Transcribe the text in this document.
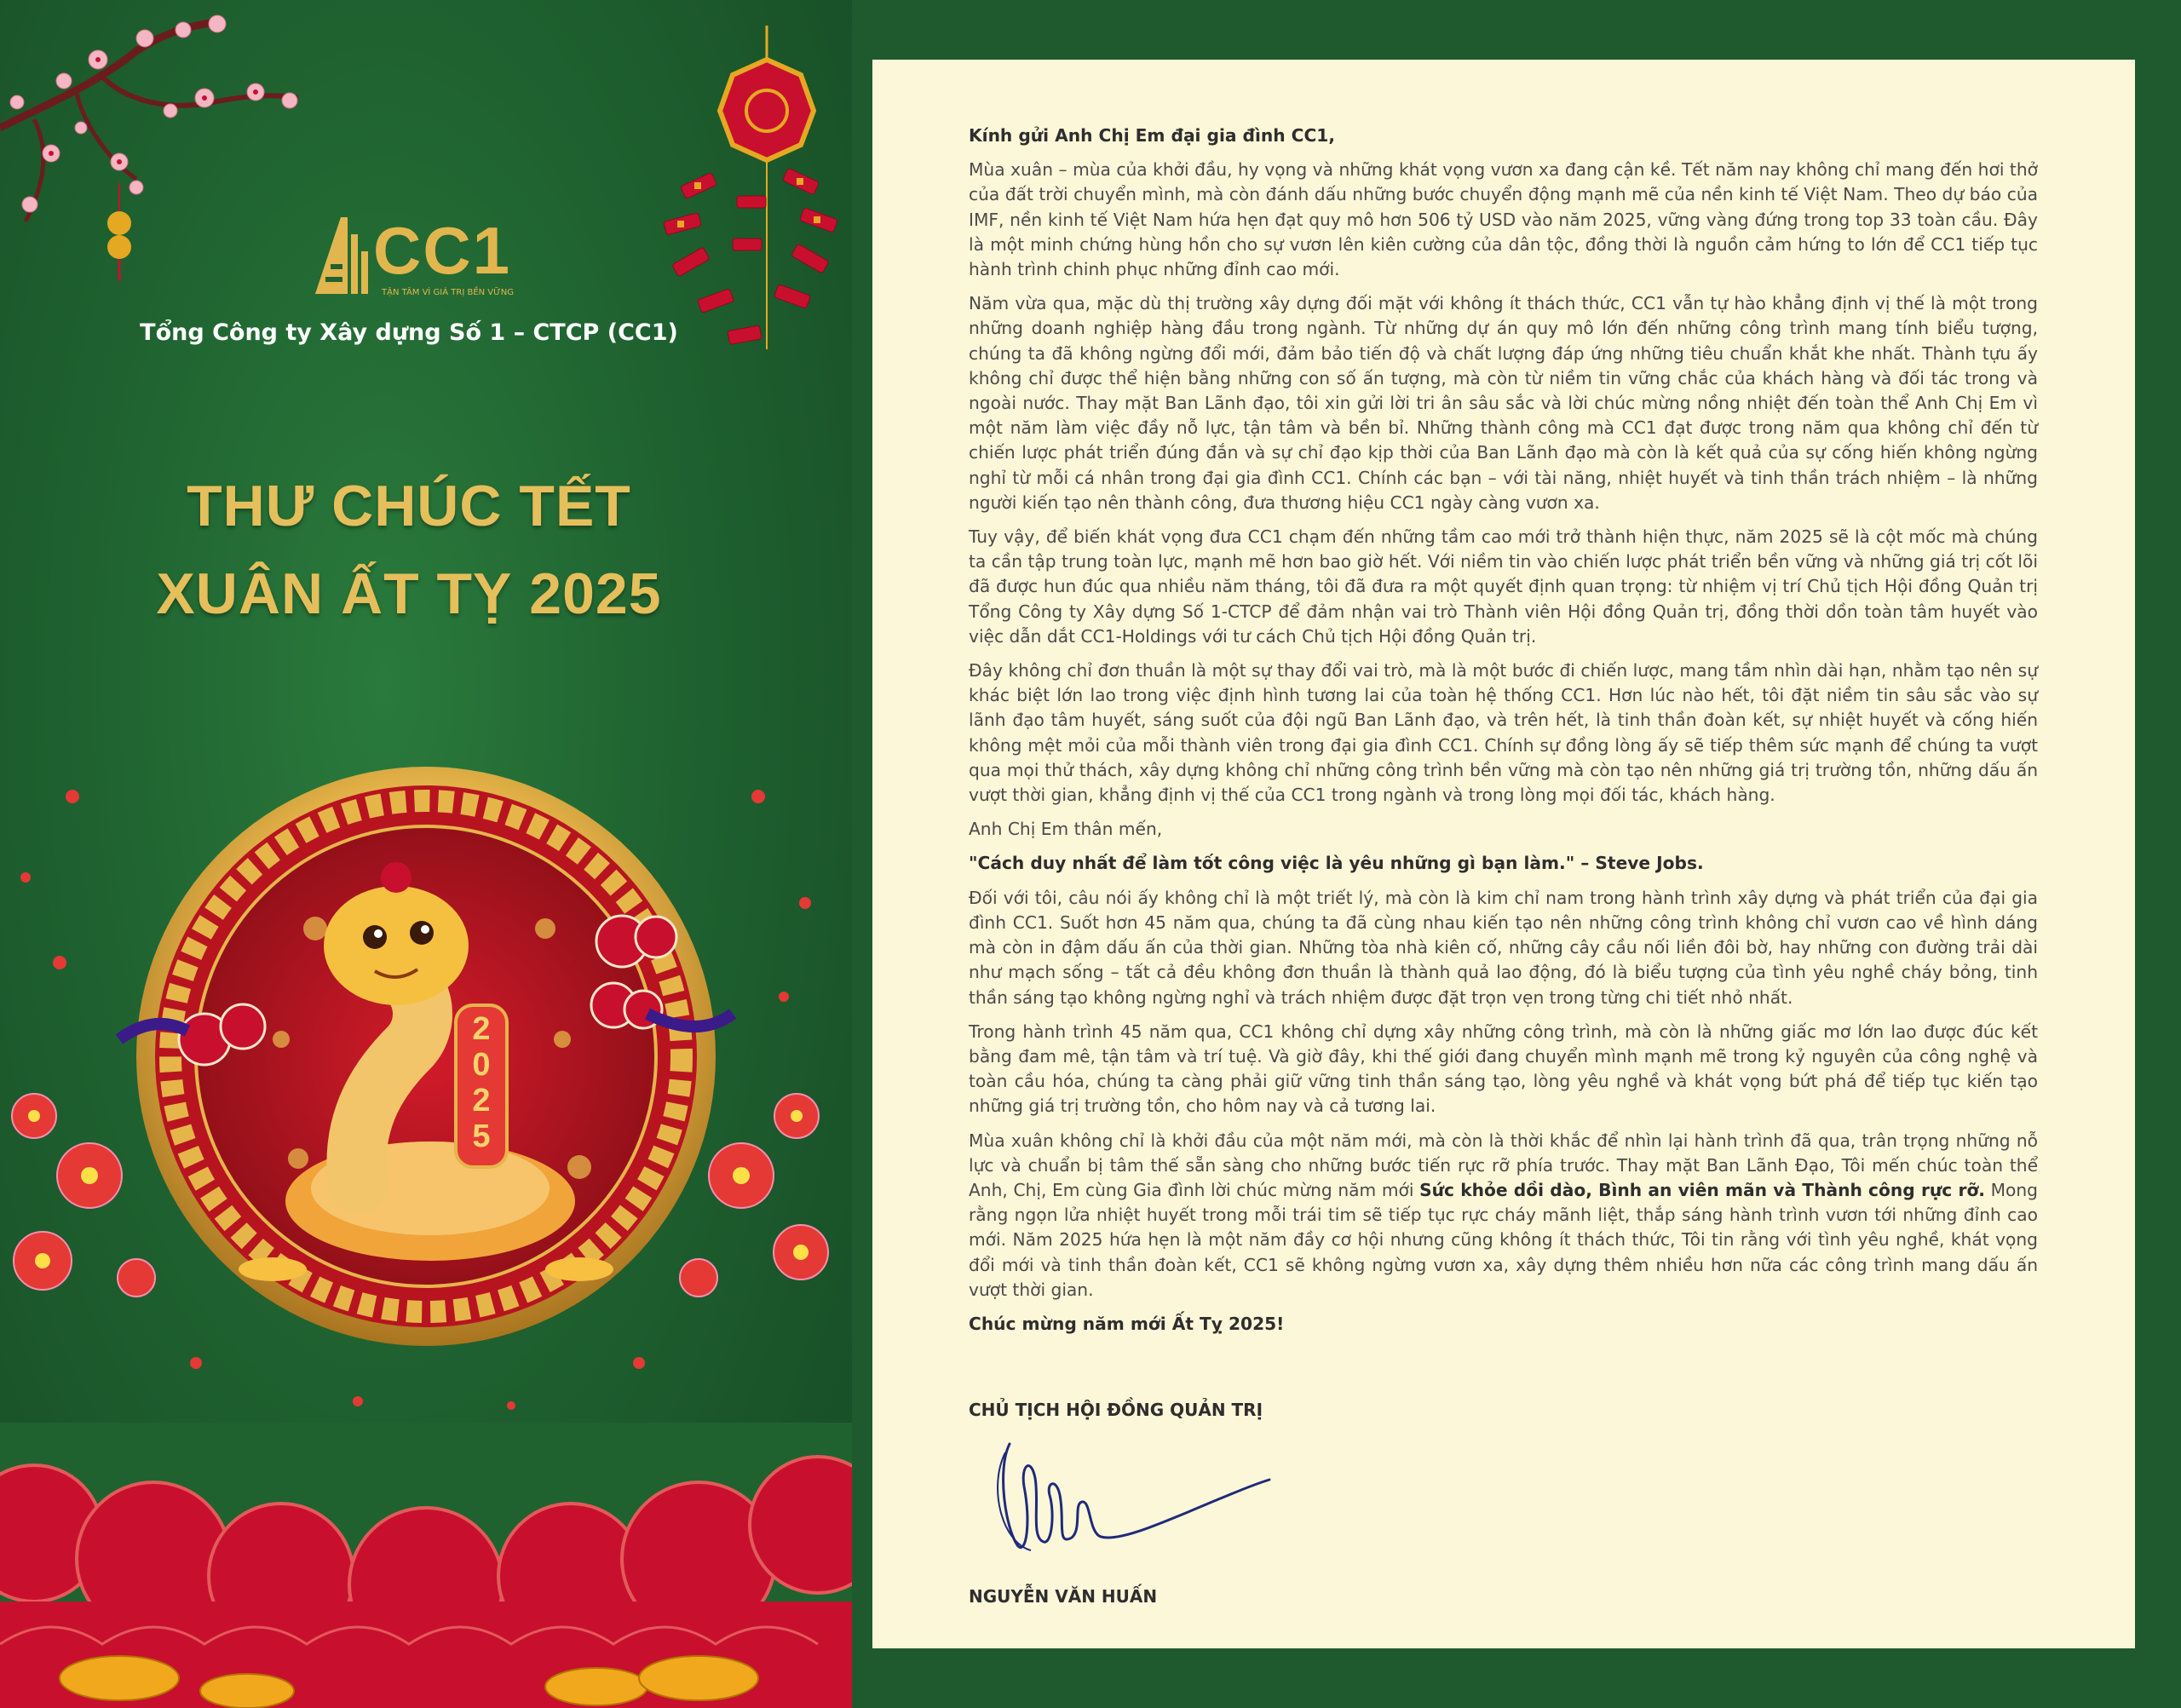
CC1
TẬN TÂM VÌ GIÁ TRỊ BỀN VỮNG
Tổng Công ty Xây dựng Số 1 – CTCP (CC1)
THƯ CHÚC TẾT
XUÂN ẤT TỴ 2025
2
0
2
5

Kính gửi Anh Chị Em đại gia đình CC1,

Mùa xuân – mùa của khởi đầu, hy vọng và những khát vọng vươn xa đang cận kề. Tết năm nay không chỉ mang đến hơi thở của đất trời chuyển mình, mà còn đánh dấu những bước chuyển động mạnh mẽ của nền kinh tế Việt Nam. Theo dự báo của IMF, nền kinh tế Việt Nam hứa hẹn đạt quy mô hơn 506 tỷ USD vào năm 2025, vững vàng đứng trong top 33 toàn cầu. Đây là một minh chứng hùng hồn cho sự vươn lên kiên cường của dân tộc, đồng thời là nguồn cảm hứng to lớn để CC1 tiếp tục hành trình chinh phục những đỉnh cao mới.

Năm vừa qua, mặc dù thị trường xây dựng đối mặt với không ít thách thức, CC1 vẫn tự hào khẳng định vị thế là một trong những doanh nghiệp hàng đầu trong ngành. Từ những dự án quy mô lớn đến những công trình mang tính biểu tượng, chúng ta đã không ngừng đổi mới, đảm bảo tiến độ và chất lượng đáp ứng những tiêu chuẩn khắt khe nhất. Thành tựu ấy không chỉ được thể hiện bằng những con số ấn tượng, mà còn từ niềm tin vững chắc của khách hàng và đối tác trong và ngoài nước. Thay mặt Ban Lãnh đạo, tôi xin gửi lời tri ân sâu sắc và lời chúc mừng nồng nhiệt đến toàn thể Anh Chị Em vì một năm làm việc đầy nỗ lực, tận tâm và bền bỉ. Những thành công mà CC1 đạt được trong năm qua không chỉ đến từ chiến lược phát triển đúng đắn và sự chỉ đạo kịp thời của Ban Lãnh đạo mà còn là kết quả của sự cống hiến không ngừng nghỉ từ mỗi cá nhân trong đại gia đình CC1. Chính các bạn – với tài năng, nhiệt huyết và tinh thần trách nhiệm – là những người kiến tạo nên thành công, đưa thương hiệu CC1 ngày càng vươn xa.

Tuy vậy, để biến khát vọng đưa CC1 chạm đến những tầm cao mới trở thành hiện thực, năm 2025 sẽ là cột mốc mà chúng ta cần tập trung toàn lực, mạnh mẽ hơn bao giờ hết. Với niềm tin vào chiến lược phát triển bền vững và những giá trị cốt lõi đã được hun đúc qua nhiều năm tháng, tôi đã đưa ra một quyết định quan trọng: từ nhiệm vị trí Chủ tịch Hội đồng Quản trị Tổng Công ty Xây dựng Số 1-CTCP để đảm nhận vai trò Thành viên Hội đồng Quản trị, đồng thời dồn toàn tâm huyết vào việc dẫn dắt CC1-Holdings với tư cách Chủ tịch Hội đồng Quản trị.

Đây không chỉ đơn thuần là một sự thay đổi vai trò, mà là một bước đi chiến lược, mang tầm nhìn dài hạn, nhằm tạo nên sự khác biệt lớn lao trong việc định hình tương lai của toàn hệ thống CC1. Hơn lúc nào hết, tôi đặt niềm tin sâu sắc vào sự lãnh đạo tâm huyết, sáng suốt của đội ngũ Ban Lãnh đạo, và trên hết, là tinh thần đoàn kết, sự nhiệt huyết và cống hiến không mệt mỏi của mỗi thành viên trong đại gia đình CC1. Chính sự đồng lòng ấy sẽ tiếp thêm sức mạnh để chúng ta vượt qua mọi thử thách, xây dựng không chỉ những công trình bền vững mà còn tạo nên những giá trị trường tồn, những dấu ấn vượt thời gian, khẳng định vị thế của CC1 trong ngành và trong lòng mọi đối tác, khách hàng.

Anh Chị Em thân mến,

"Cách duy nhất để làm tốt công việc là yêu những gì bạn làm." – Steve Jobs.

Đối với tôi, câu nói ấy không chỉ là một triết lý, mà còn là kim chỉ nam trong hành trình xây dựng và phát triển của đại gia đình CC1. Suốt hơn 45 năm qua, chúng ta đã cùng nhau kiến tạo nên những công trình không chỉ vươn cao về hình dáng mà còn in đậm dấu ấn của thời gian. Những tòa nhà kiên cố, những cây cầu nối liền đôi bờ, hay những con đường trải dài như mạch sống – tất cả đều không đơn thuần là thành quả lao động, đó là biểu tượng của tình yêu nghề cháy bỏng, tinh thần sáng tạo không ngừng nghỉ và trách nhiệm được đặt trọn vẹn trong từng chi tiết nhỏ nhất.

Trong hành trình 45 năm qua, CC1 không chỉ dựng xây những công trình, mà còn là những giấc mơ lớn lao được đúc kết bằng đam mê, tận tâm và trí tuệ. Và giờ đây, khi thế giới đang chuyển mình mạnh mẽ trong kỷ nguyên của công nghệ và toàn cầu hóa, chúng ta càng phải giữ vững tinh thần sáng tạo, lòng yêu nghề và khát vọng bứt phá để tiếp tục kiến tạo những giá trị trường tồn, cho hôm nay và cả tương lai.

Mùa xuân không chỉ là khởi đầu của một năm mới, mà còn là thời khắc để nhìn lại hành trình đã qua, trân trọng những nỗ lực và chuẩn bị tâm thế sẵn sàng cho những bước tiến rực rỡ phía trước. Thay mặt Ban Lãnh Đạo, Tôi mến chúc toàn thể Anh, Chị, Em cùng Gia đình lời chúc mừng năm mới Sức khỏe dồi dào, Bình an viên mãn và Thành công rực rỡ. Mong rằng ngọn lửa nhiệt huyết trong mỗi trái tim sẽ tiếp tục rực cháy mãnh liệt, thắp sáng hành trình vươn tới những đỉnh cao mới. Năm 2025 hứa hẹn là một năm đầy cơ hội nhưng cũng không ít thách thức, Tôi tin rằng với tình yêu nghề, khát vọng đổi mới và tinh thần đoàn kết, CC1 sẽ không ngừng vươn xa, xây dựng thêm nhiều hơn nữa các công trình mang dấu ấn vượt thời gian.

Chúc mừng năm mới Ất Tỵ 2025!

CHỦ TỊCH HỘI ĐỒNG QUẢN TRỊ
NGUYỄN VĂN HUẤN
